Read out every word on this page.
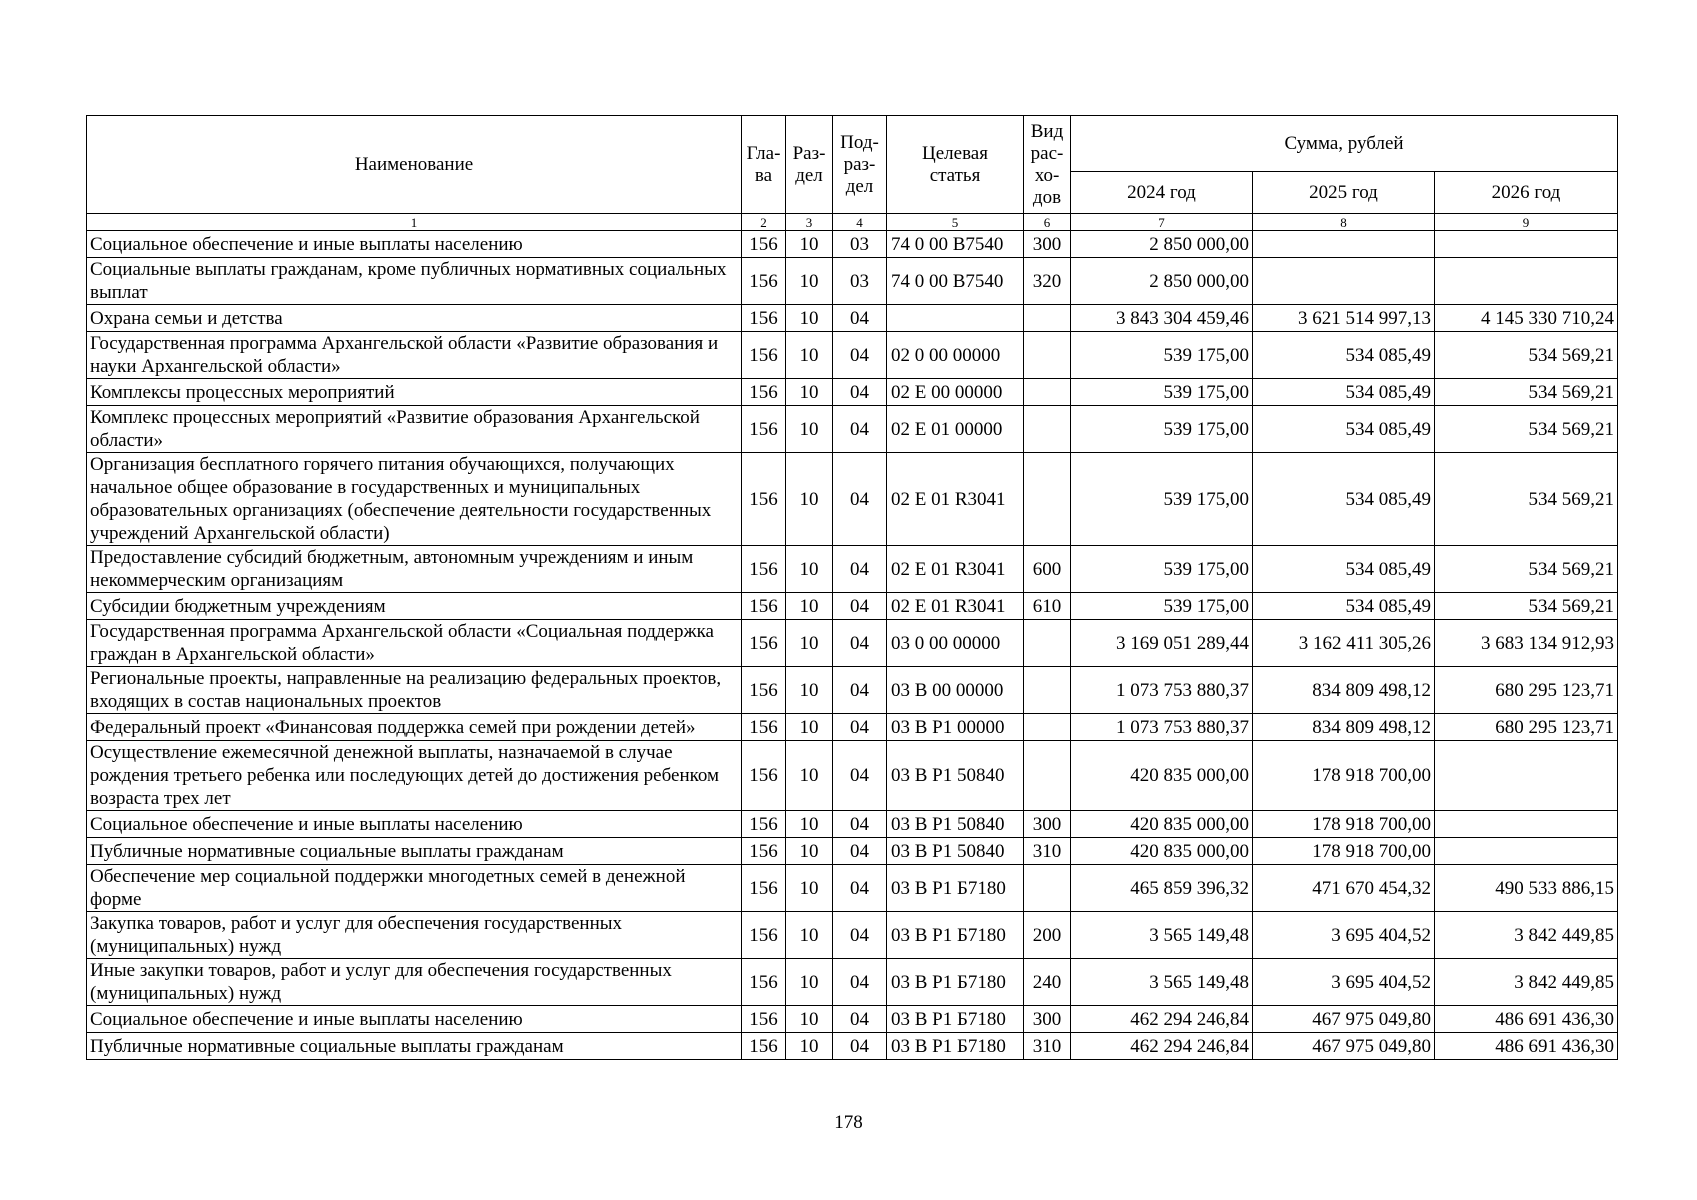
Наименование	Гла-ва	Раз-дел	Под-раз-дел	Целевая статья	Вид рас-хо-дов	Сумма, рублей		
						2024 год	2025 год	2026 год
1	2	3	4	5	6	7	8	9
Социальное обеспечение и иные выплаты населению	156	10	03	74 0 00 В7540	300	2 850 000,00		
Социальные выплаты гражданам, кроме публичных нормативных социальных выплат	156	10	03	74 0 00 В7540	320	2 850 000,00		
Охрана семьи и детства	156	10	04			3 843 304 459,46	3 621 514 997,13	4 145 330 710,24
Государственная программа Архангельской области «Развитие образования и науки Архангельской области»	156	10	04	02 0 00 00000		539 175,00	534 085,49	534 569,21
Комплексы процессных мероприятий	156	10	04	02 Е 00 00000		539 175,00	534 085,49	534 569,21
Комплекс процессных мероприятий «Развитие образования Архангельской области»	156	10	04	02 Е 01 00000		539 175,00	534 085,49	534 569,21
Организация бесплатного горячего питания обучающихся, получающих начальное общее образование в государственных и муниципальных образовательных организациях (обеспечение деятельности государственных учреждений Архангельской области)	156	10	04	02 Е 01 R3041		539 175,00	534 085,49	534 569,21
Предоставление субсидий бюджетным, автономным учреждениям и иным некоммерческим организациям	156	10	04	02 Е 01 R3041	600	539 175,00	534 085,49	534 569,21
Субсидии бюджетным учреждениям	156	10	04	02 Е 01 R3041	610	539 175,00	534 085,49	534 569,21
Государственная программа Архангельской области «Социальная поддержка граждан в Архангельской области»	156	10	04	03 0 00 00000		3 169 051 289,44	3 162 411 305,26	3 683 134 912,93
Региональные проекты, направленные на реализацию федеральных проектов, входящих в состав национальных проектов	156	10	04	03 В 00 00000		1 073 753 880,37	834 809 498,12	680 295 123,71
Федеральный проект «Финансовая поддержка семей при рождении детей»	156	10	04	03 В Р1 00000		1 073 753 880,37	834 809 498,12	680 295 123,71
Осуществление ежемесячной денежной выплаты, назначаемой в случае рождения третьего ребенка или последующих детей до достижения ребенком возраста трех лет	156	10	04	03 В Р1 50840		420 835 000,00	178 918 700,00	
Социальное обеспечение и иные выплаты населению	156	10	04	03 В Р1 50840	300	420 835 000,00	178 918 700,00	
Публичные нормативные социальные выплаты гражданам	156	10	04	03 В Р1 50840	310	420 835 000,00	178 918 700,00	
Обеспечение мер социальной поддержки многодетных семей в денежной форме	156	10	04	03 В Р1 Б7180		465 859 396,32	471 670 454,32	490 533 886,15
Закупка товаров, работ и услуг для обеспечения государственных (муниципальных) нужд	156	10	04	03 В Р1 Б7180	200	3 565 149,48	3 695 404,52	3 842 449,85
Иные закупки товаров, работ и услуг для обеспечения государственных (муниципальных) нужд	156	10	04	03 В Р1 Б7180	240	3 565 149,48	3 695 404,52	3 842 449,85
Социальное обеспечение и иные выплаты населению	156	10	04	03 В Р1 Б7180	300	462 294 246,84	467 975 049,80	486 691 436,30
Публичные нормативные социальные выплаты гражданам	156	10	04	03 В Р1 Б7180	310	462 294 246,84	467 975 049,80	486 691 436,30
178
